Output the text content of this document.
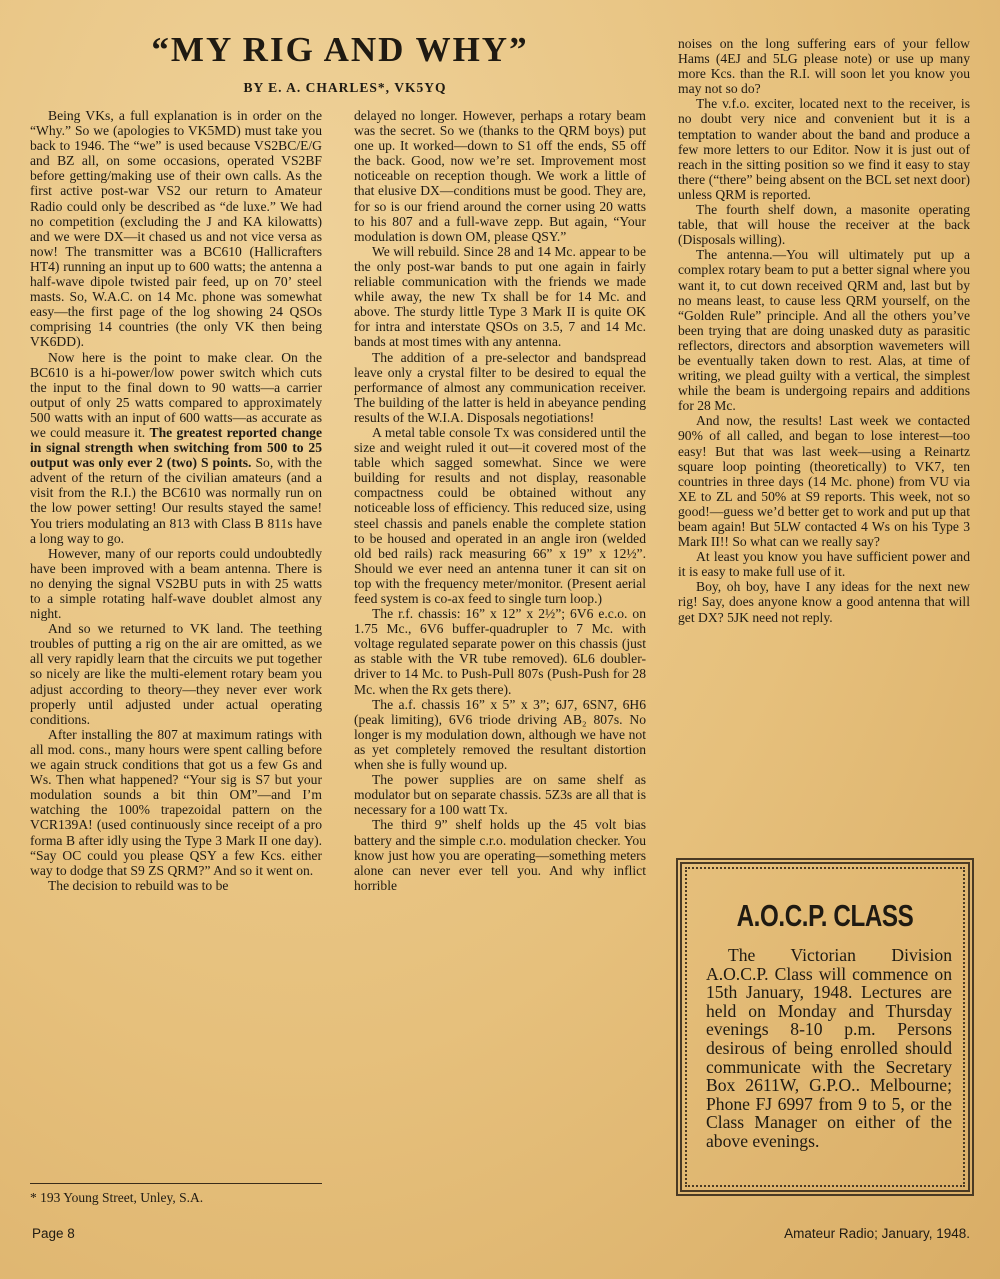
“MY RIG AND WHY”
BY E. A. CHARLES*, VK5YQ

Being VKs, a full explanation is in order on the “Why.” So we (apologies to VK5MD) must take you back to 1946. The “we” is used because VS2BC/E/G and BZ all, on some occasions, operated VS2BF before getting/making use of their own calls. As the first active post-war VS2 our return to Amateur Radio could only be described as “de luxe.” We had no competition (excluding the J and KA kilowatts) and we were DX—it chased us and not vice versa as now! The transmitter was a BC610 (Hallicrafters HT4) running an input up to 600 watts; the antenna a half-wave dipole twisted pair feed, up on 70’ steel masts. So, W.A.C. on 14 Mc. phone was somewhat easy—the first page of the log showing 24 QSOs comprising 14 countries (the only VK then being VK6DD).

Now here is the point to make clear. On the BC610 is a hi-power/low power switch which cuts the input to the final down to 90 watts—a carrier output of only 25 watts compared to approximately 500 watts with an input of 600 watts—as accurate as we could measure it. The greatest reported change in signal strength when switching from 500 to 25 output was only ever 2 (two) S points. So, with the advent of the return of the civilian amateurs (and a visit from the R.I.) the BC610 was normally run on the low power setting! Our results stayed the same! You triers modulating an 813 with Class B 811s have a long way to go.

However, many of our reports could undoubtedly have been improved with a beam antenna. There is no denying the signal VS2BU puts in with 25 watts to a simple rotating half-wave doublet almost any night.

And so we returned to VK land. The teething troubles of putting a rig on the air are omitted, as we all very rapidly learn that the circuits we put together so nicely are like the multi-element rotary beam you adjust according to theory—they never ever work properly until adjusted under actual operating conditions.

After installing the 807 at maximum ratings with all mod. cons., many hours were spent calling before we again struck conditions that got us a few Gs and Ws. Then what happened? “Your sig is S7 but your modulation sounds a bit thin OM”—and I’m watching the 100% trapezoidal pattern on the VCR139A! (used continuously since receipt of a pro forma B after idly using the Type 3 Mark II one day). “Say OC could you please QSY a few Kcs. either way to dodge that S9 ZS QRM?” And so it went on.

The decision to rebuild was to be

delayed no longer. However, perhaps a rotary beam was the secret. So we (thanks to the QRM boys) put one up. It worked—down to S1 off the ends, S5 off the back. Good, now we’re set. Improvement most noticeable on reception though. We work a little of that elusive DX—conditions must be good. They are, for so is our friend around the corner using 20 watts to his 807 and a full-wave zepp. But again, “Your modulation is down OM, please QSY.”

We will rebuild. Since 28 and 14 Mc. appear to be the only post-war bands to put one again in fairly reliable communication with the friends we made while away, the new Tx shall be for 14 Mc. and above. The sturdy little Type 3 Mark II is quite OK for intra and interstate QSOs on 3.5, 7 and 14 Mc. bands at most times with any antenna.

The addition of a pre-selector and bandspread leave only a crystal filter to be desired to equal the performance of almost any communication receiver. The building of the latter is held in abeyance pending results of the W.I.A. Disposals negotiations!

A metal table console Tx was considered until the size and weight ruled it out—it covered most of the table which sagged somewhat. Since we were building for results and not display, reasonable compactness could be obtained without any noticeable loss of efficiency. This reduced size, using steel chassis and panels enable the complete station to be housed and operated in an angle iron (welded old bed rails) rack measuring 66” x 19” x 12½”. Should we ever need an antenna tuner it can sit on top with the frequency meter/monitor. (Present aerial feed system is co-ax feed to single turn loop.)

The r.f. chassis: 16” x 12” x 2½”; 6V6 e.c.o. on 1.75 Mc., 6V6 buffer-quadrupler to 7 Mc. with voltage regulated separate power on this chassis (just as stable with the VR tube removed). 6L6 doubler-driver to 14 Mc. to Push-Pull 807s (Push-Push for 28 Mc. when the Rx gets there).

The a.f. chassis 16” x 5” x 3”; 6J7, 6SN7, 6H6 (peak limiting), 6V6 triode driving AB₂ 807s. No longer is my modulation down, although we have not as yet completely removed the resultant distortion when she is fully wound up.

The power supplies are on same shelf as modulator but on separate chassis. 5Z3s are all that is necessary for a 100 watt Tx.

The third 9” shelf holds up the 45 volt bias battery and the simple c.r.o. modulation checker. You know just how you are operating—something meters alone can never ever tell you. And why inflict horrible

noises on the long suffering ears of your fellow Hams (4EJ and 5LG please note) or use up many more Kcs. than the R.I. will soon let you know you may not so do?

The v.f.o. exciter, located next to the receiver, is no doubt very nice and convenient but it is a temptation to wander about the band and produce a few more letters to our Editor. Now it is just out of reach in the sitting position so we find it easy to stay there (“there” being absent on the BCL set next door) unless QRM is reported.

The fourth shelf down, a masonite operating table, that will house the receiver at the back (Disposals willing).

The antenna.—You will ultimately put up a complex rotary beam to put a better signal where you want it, to cut down received QRM and, last but by no means least, to cause less QRM yourself, on the “Golden Rule” principle. And all the others you’ve been trying that are doing unasked duty as parasitic reflectors, directors and absorption wavemeters will be eventually taken down to rest. Alas, at time of writing, we plead guilty with a vertical, the simplest while the beam is undergoing repairs and additions for 28 Mc.

And now, the results! Last week we contacted 90% of all called, and began to lose interest—too easy! But that was last week—using a Reinartz square loop pointing (theoretically) to VK7, ten countries in three days (14 Mc. phone) from VU via XE to ZL and 50% at S9 reports. This week, not so good!—guess we’d better get to work and put up that beam again! But 5LW contacted 4 Ws on his Type 3 Mark II!! So what can we really say?

At least you know you have sufficient power and it is easy to make full use of it.

Boy, oh boy, have I any ideas for the next new rig! Say, does anyone know a good antenna that will get DX? 5JK need not reply.

A.O.C.P. CLASS

The Victorian Division A.O.C.P. Class will commence on 15th January, 1948. Lectures are held on Monday and Thursday evenings 8-10 p.m. Persons desirous of being enrolled should communicate with the Secretary Box 2611W, G.P.O.. Melbourne; Phone FJ 6997 from 9 to 5, or the Class Manager on either of the above evenings.

* 193 Young Street, Unley, S.A.
Page 8	Amateur Radio; January, 1948.
